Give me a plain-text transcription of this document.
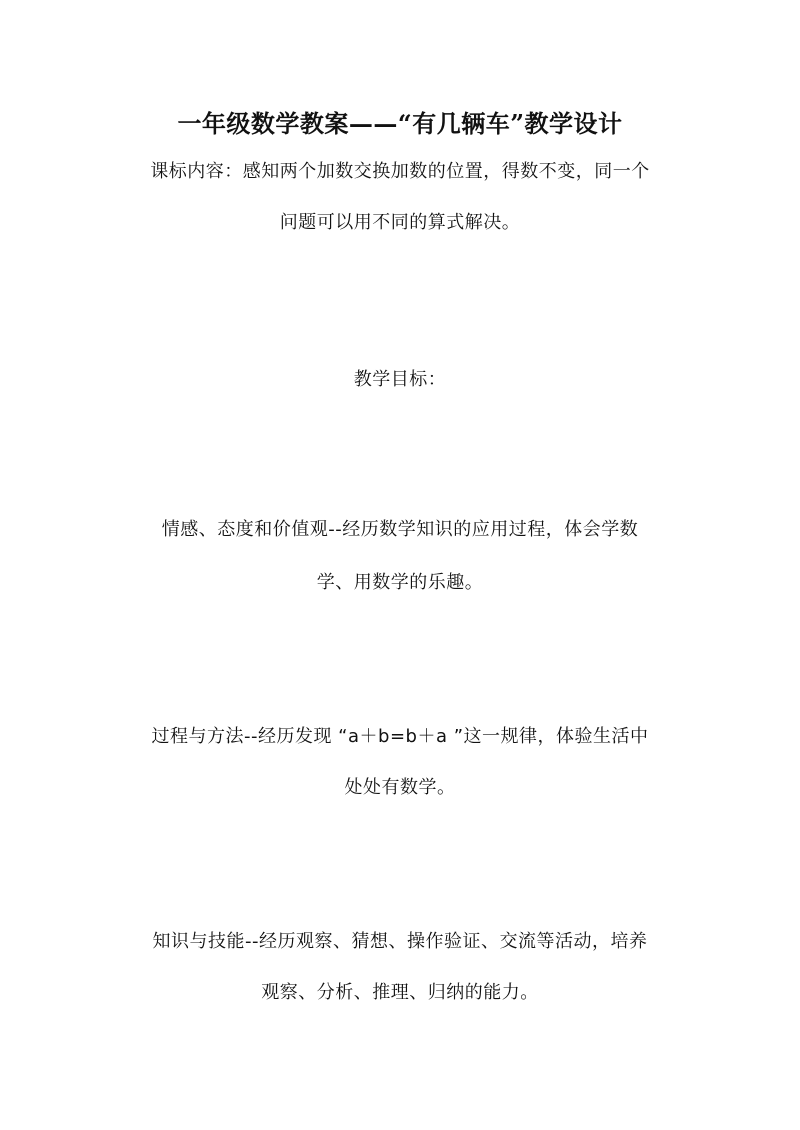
一年级数学教案——“有几辆车”教学设计
课标内容：感知两个加数交换加数的位置，得数不变，同一个
问题可以用不同的算式解决。
教学目标：
情感、态度和价值观--经历数学知识的应用过程，体会学数
学、用数学的乐趣。
过程与方法--经历发现 “a＋b=b＋a ”这一规律，体验生活中
处处有数学。
知识与技能--经历观察、猜想、操作验证、交流等活动，培养
观察、分析、推理、归纳的能力。
